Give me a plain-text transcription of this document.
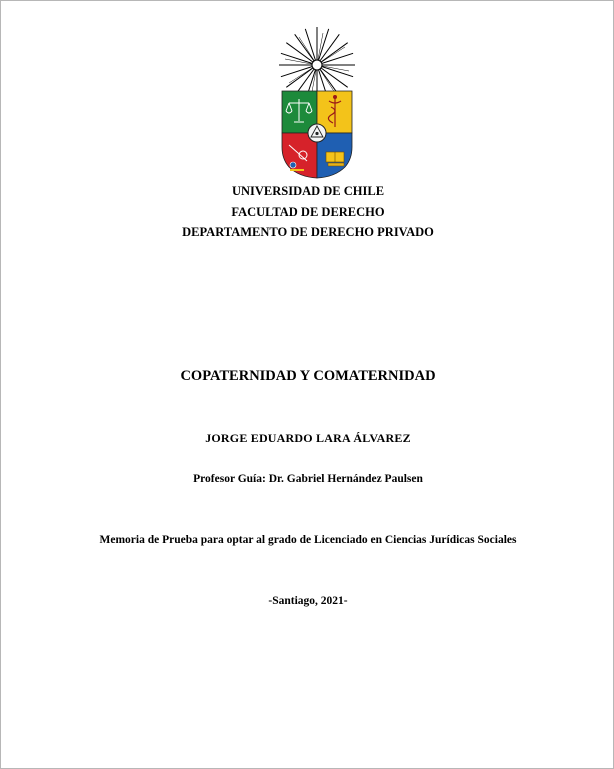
UNIVERSIDAD DE CHILE
FACULTAD DE DERECHO
DEPARTAMENTO DE DERECHO PRIVADO
COPATERNIDAD Y COMATERNIDAD
JORGE EDUARDO LARA ÁLVAREZ
Profesor Guía: Dr. Gabriel Hernández Paulsen
Memoria de Prueba para optar al grado de Licenciado en Ciencias Jurídicas Sociales
-Santiago, 2021-
